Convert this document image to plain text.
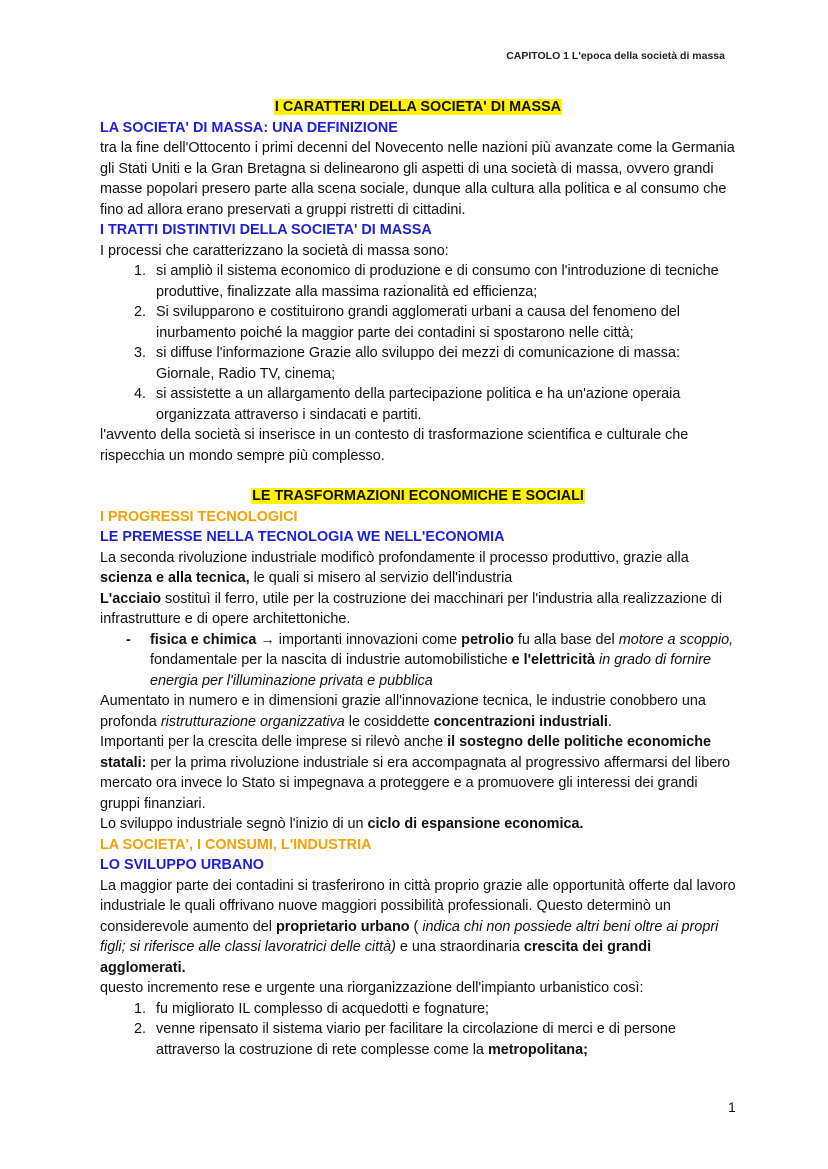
CAPITOLO 1 L'epoca della società di massa
I CARATTERI DELLA SOCIETA' DI MASSA
LA SOCIETA' DI MASSA: UNA DEFINIZIONE

tra la fine dell'Ottocento i primi decenni del Novecento nelle nazioni più avanzate come la Germania gli Stati Uniti e la Gran Bretagna si delinearono gli aspetti di una società di massa, ovvero grandi masse popolari presero parte alla scena sociale, dunque alla cultura alla politica e al consumo che fino ad allora erano preservati a gruppi ristretti di cittadini.

I TRATTI DISTINTIVI DELLA SOCIETA' DI MASSA

I processi che caratterizzano la società di massa sono:

1. si ampliò il sistema economico di produzione e di consumo con l'introduzione di tecniche produttive, finalizzate alla massima razionalità ed efficienza;
2. Si svilupparono e costituirono grandi agglomerati urbani a causa del fenomeno del inurbamento poiché la maggior parte dei contadini si spostarono nelle città;
3. si diffuse l'informazione Grazie allo sviluppo dei mezzi di comunicazione di massa: Giornale, Radio TV, cinema;
4. si assistette a un allargamento della partecipazione politica e ha un'azione operaia organizzata attraverso i sindacati e partiti.

l'avvento della società si inserisce in un contesto di trasformazione scientifica e culturale che rispecchia un mondo sempre più complesso.

LE TRASFORMAZIONI ECONOMICHE E SOCIALI
I PROGRESSI TECNOLOGICI
LE PREMESSE NELLA TECNOLOGIA WE NELL'ECONOMIA

La seconda rivoluzione industriale modificò profondamente il processo produttivo, grazie alla scienza e alla tecnica, le quali si misero al servizio dell'industria

L'acciaio sostituì il ferro, utile per la costruzione dei macchinari per l'industria alla realizzazione di infrastrutture e di opere architettoniche.

- fisica e chimica → importanti innovazioni come petrolio fu alla base del motore a scoppio, fondamentale per la nascita di industrie automobilistiche e l'elettricità in grado di fornire energia per l'illuminazione privata e pubblica

Aumentato in numero e in dimensioni grazie all'innovazione tecnica, le industrie conobbero una profonda ristrutturazione organizzativa le cosiddette concentrazioni industriali.

Importanti per la crescita delle imprese si rilevò anche il sostegno delle politiche economiche statali: per la prima rivoluzione industriale si era accompagnata al progressivo affermarsi del libero mercato ora invece lo Stato si impegnava a proteggere e a promuovere gli interessi dei grandi gruppi finanziari.

Lo sviluppo industriale segnò l'inizio di un ciclo di espansione economica.

LA SOCIETA', I CONSUMI, L'INDUSTRIA
LO SVILUPPO URBANO

La maggior parte dei contadini si trasferirono in città proprio grazie alle opportunità offerte dal lavoro industriale le quali offrivano nuove maggiori possibilità professionali. Questo determinò un considerevole aumento del proprietario urbano ( indica chi non possiede altri beni oltre ai propri figli; si riferisce alle classi lavoratrici delle città) e una straordinaria crescita dei grandi agglomerati.

questo incremento rese e urgente una riorganizzazione dell'impianto urbanistico così:

1. fu migliorato IL complesso di acquedotti e fognature;
2. venne ripensato il sistema viario per facilitare la circolazione di merci e di persone attraverso la costruzione di rete complesse come la metropolitana;
1
